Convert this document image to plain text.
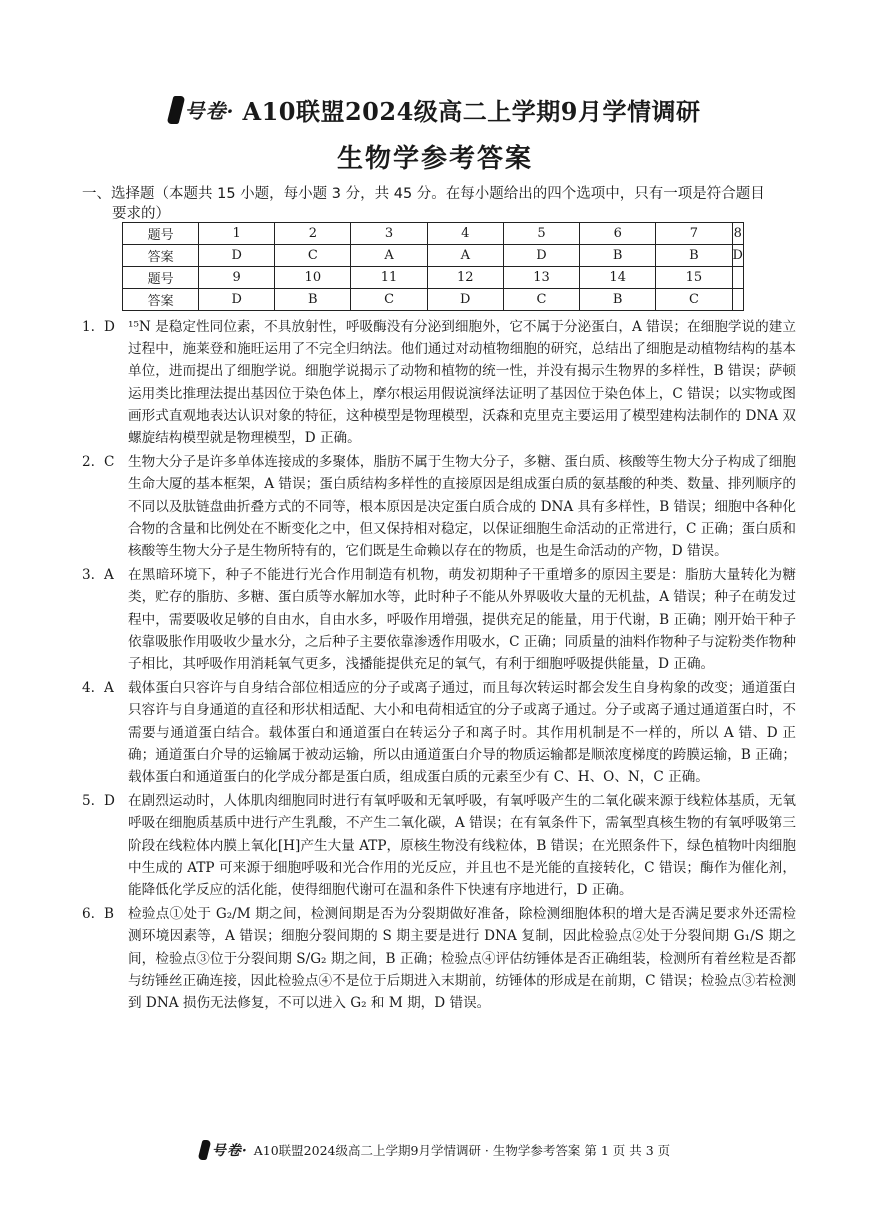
号卷· A10联盟2024级高二上学期9月学情调研
生物学参考答案
一、选择题（本题共 15 小题，每小题 3 分，共 45 分。在每小题给出的四个选项中，只有一项是符合题目
要求的）
题号	1	2	3	4	5	6	7	8
答案	D	C	A	A	D	B	B	D
题号	9	10	11	12	13	14	15	
答案	D	B	C	D	C	B	C	
1. D ¹⁵N 是稳定性同位素，不具放射性，呼吸酶没有分泌到细胞外，它不属于分泌蛋白，A 错误；在细胞学说的建立过程中，施莱登和施旺运用了不完全归纳法。他们通过对动植物细胞的研究，总结出了细胞是动植物结构的基本单位，进而提出了细胞学说。细胞学说揭示了动物和植物的统一性，并没有揭示生物界的多样性，B 错误；萨顿运用类比推理法提出基因位于染色体上，摩尔根运用假说演绎法证明了基因位于染色体上，C 错误；以实物或图画形式直观地表达认识对象的特征，这种模型是物理模型，沃森和克里克主要运用了模型建构法制作的 DNA 双螺旋结构模型就是物理模型，D 正确。
2. C 生物大分子是许多单体连接成的多聚体，脂肪不属于生物大分子，多糖、蛋白质、核酸等生物大分子构成了细胞生命大厦的基本框架，A 错误；蛋白质结构多样性的直接原因是组成蛋白质的氨基酸的种类、数量、排列顺序的不同以及肽链盘曲折叠方式的不同等，根本原因是决定蛋白质合成的 DNA 具有多样性，B 错误；细胞中各种化合物的含量和比例处在不断变化之中，但又保持相对稳定，以保证细胞生命活动的正常进行，C 正确；蛋白质和核酸等生物大分子是生物所特有的，它们既是生命赖以存在的物质，也是生命活动的产物，D 错误。
3. A	在黑暗环境下，种子不能进行光合作用制造有机物，萌发初期种子干重增多的原因主要是：脂肪大量转化为糖类，贮存的脂肪、多糖、蛋白质等水解加水等，此时种子不能从外界吸收大量的无机盐，A 错误；种子在萌发过程中，需要吸收足够的自由水，自由水多，呼吸作用增强，提供充足的能量，用于代谢，B 正确；刚开始干种子依靠吸胀作用吸收少量水分，之后种子主要依靠渗透作用吸水，C 正确；同质量的油料作物种子与淀粉类作物种子相比，其呼吸作用消耗氧气更多，浅播能提供充足的氧气，有利于细胞呼吸提供能量，D 正确。
4. A	载体蛋白只容许与自身结合部位相适应的分子或离子通过，而且每次转运时都会发生自身构象的改变；通道蛋白只容许与自身通道的直径和形状相适配、大小和电荷相适宜的分子或离子通过。分子或离子通过通道蛋白时，不需要与通道蛋白结合。载体蛋白和通道蛋白在转运分子和离子时。其作用机制是不一样的，所以 A 错、D 正确；通道蛋白介导的运输属于被动运输，所以由通道蛋白介导的物质运输都是顺浓度梯度的跨膜运输，B 正确；载体蛋白和通道蛋白的化学成分都是蛋白质，组成蛋白质的元素至少有 C、H、O、N，C 正确。
5. D 在剧烈运动时，人体肌肉细胞同时进行有氧呼吸和无氧呼吸，有氧呼吸产生的二氧化碳来源于线粒体基质，无氧呼吸在细胞质基质中进行产生乳酸，不产生二氧化碳，A 错误；在有氧条件下，需氧型真核生物的有氧呼吸第三阶段在线粒体内膜上氧化[H]产生大量 ATP，原核生物没有线粒体，B 错误；在光照条件下，绿色植物叶肉细胞中生成的 ATP 可来源于细胞呼吸和光合作用的光反应，并且也不是光能的直接转化，C 错误；酶作为催化剂，能降低化学反应的活化能，使得细胞代谢可在温和条件下快速有序地进行，D 正确。
6. B	检验点①处于 G₂/M 期之间，检测间期是否为分裂期做好准备，除检测细胞体积的增大是否满足要求外还需检测环境因素等，A 错误；细胞分裂间期的 S 期主要是进行 DNA 复制，因此检验点②处于分裂间期 G₁/S 期之间，检验点③位于分裂间期 S/G₂ 期之间，B 正确；检验点④评估纺锤体是否正确组装，检测所有着丝粒是否都与纺锤丝正确连接，因此检验点④不是位于后期进入末期前，纺锤体的形成是在前期，C 错误；检验点③若检测到 DNA 损伤无法修复，不可以进入 G₂ 和 M 期，D 错误。
号卷· A10联盟2024级高二上学期9月学情调研 · 生物学参考答案 第 1 页 共 3 页
